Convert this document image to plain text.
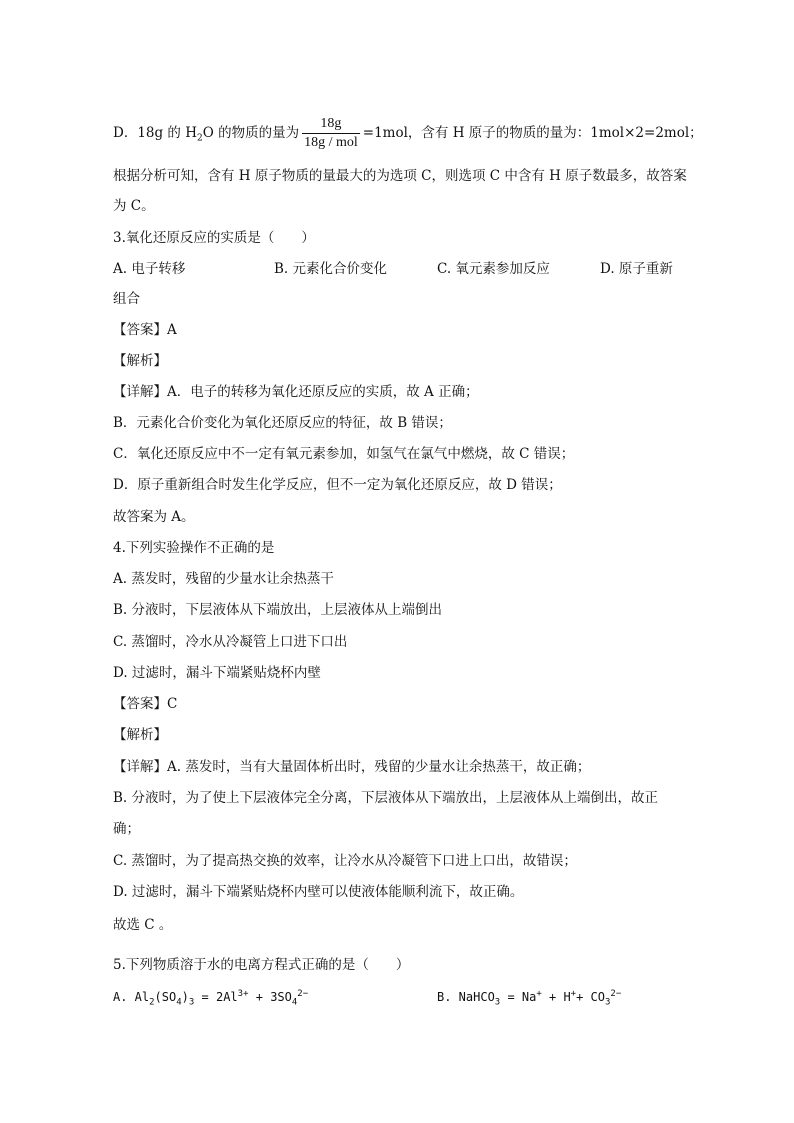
D．18g 的 $H_2O$ 的物质的量为 $\frac{18g}{\text{18g / mol}} =1mol$，含有 H 原子的物质的量为：1mol×2=2mol；
根据分析可知，含有 H 原子物质的量最大的为选项 C，则选项 C 中含有 H 原子数最多，故答案
为 C。
3.氧化还原反应的实质是（　　）
A. 电子转移	B. 元素化合价变化	C. 氧元素参加反应	D. 原子重新
组合
【答案】A
【解析】
【详解】A．电子的转移为氧化还原反应的实质，故 A 正确；
B．元素化合价变化为氧化还原反应的特征，故 B 错误；
C．氧化还原反应中不一定有氧元素参加，如氢气在氯气中燃烧，故 C 错误；
D．原子重新组合时发生化学反应，但不一定为氧化还原反应，故 D 错误；
故答案为 A。
4.下列实验操作不正确的是
A. 蒸发时，残留的少量水让余热蒸干
B. 分液时，下层液体从下端放出，上层液体从上端倒出
C. 蒸馏时，冷水从冷凝管上口进下口出
D. 过滤时，漏斗下端紧贴烧杯内壁
【答案】C
【解析】
【详解】A. 蒸发时，当有大量固体析出时，残留的少量水让余热蒸干，故正确；
B. 分液时，为了使上下层液体完全分离，下层液体从下端放出，上层液体从上端倒出，故正
确；
C. 蒸馏时，为了提高热交换的效率，让冷水从冷凝管下口进上口出，故错误；
D. 过滤时，漏斗下端紧贴烧杯内壁可以使液体能顺利流下，故正确。
故选 C 。
5.下列物质溶于水的电离方程式正确的是（　　）
A. $Al_2(SO_4)_3 = 2Al^{3+} + 3SO_4^{2-}$	B. NaHCO$_3$ = $Na^+ + H^++ CO_3^{2-}$
